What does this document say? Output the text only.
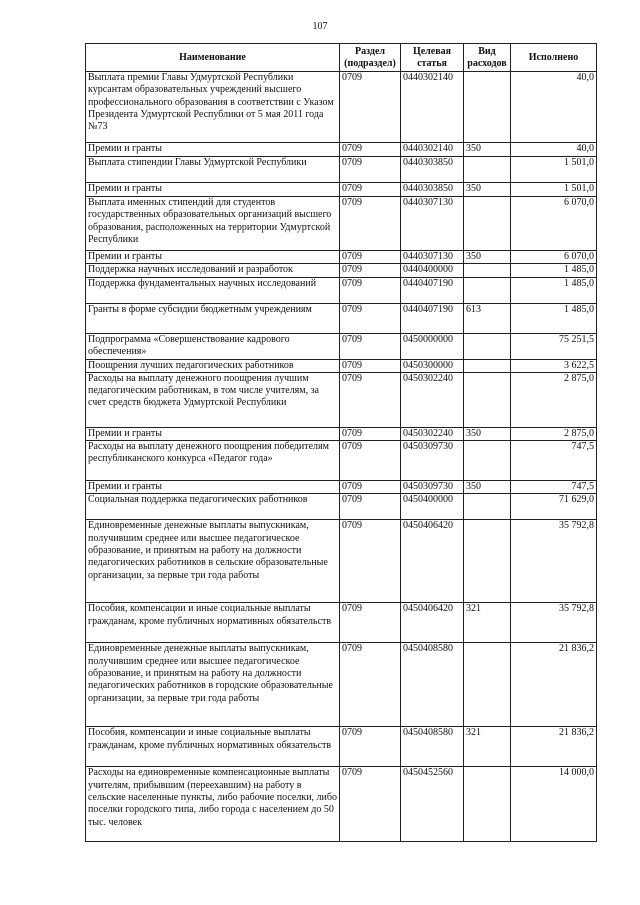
107
Наименование	Раздел (подраздел)	Целевая статья	Вид расходов	Исполнено
Выплата премии Главы Удмуртской Республики курсантам образовательных учреждений высшего профессионального образования в соответствии с Указом Президента Удмуртской Республики от 5 мая 2011 года №73	0709	0440302140		40,0
Премии и гранты	0709	0440302140	350	40,0
Выплата стипендии Главы Удмуртской Республики	0709	0440303850		1 501,0
Премии и гранты	0709	0440303850	350	1 501,0
Выплата именных стипендий для студентов государственных образовательных организаций высшего образования, расположенных на территории Удмуртской Республики	0709	0440307130		6 070,0
Премии и гранты	0709	0440307130	350	6 070,0
Поддержка научных исследований и разработок	0709	0440400000		1 485,0
Поддержка фундаментальных научных исследований	0709	0440407190		1 485,0
Гранты в форме субсидии бюджетным учреждениям	0709	0440407190	613	1 485,0
Подпрограмма «Совершенствование кадрового обеспечения»	0709	0450000000		75 251,5
Поощрения лучших педагогических работников	0709	0450300000		3 622,5
Расходы на выплату денежного поощрения лучшим педагогическим работникам, в том числе учителям, за счет средств бюджета Удмуртской Республики	0709	0450302240		2 875,0
Премии и гранты	0709	0450302240	350	2 875,0
Расходы на выплату денежного поощрения победителям республиканского конкурса «Педагог года»	0709	0450309730		747,5
Премии и гранты	0709	0450309730	350	747,5
Социальная поддержка педагогических работников	0709	0450400000		71 629,0
Единовременные денежные выплаты выпускникам, получившим среднее или высшее педагогическое образование, и принятым на работу на должности педагогических работников в сельские образовательные организации, за первые три года работы	0709	0450406420		35 792,8
Пособия, компенсации и иные социальные выплаты гражданам, кроме публичных нормативных обязательств	0709	0450406420	321	35 792,8
Единовременные денежные выплаты выпускникам, получившим среднее или высшее педагогическое образование, и принятым на работу на должности педагогических работников в городские образовательные организации, за первые три года работы	0709	0450408580		21 836,2
Пособия, компенсации и иные социальные выплаты гражданам, кроме публичных нормативных обязательств	0709	0450408580	321	21 836,2
Расходы на единовременные компенсационные выплаты учителям, прибывшим (переехавшим) на работу в сельские населенные пункты, либо рабочие поселки, либо поселки городского типа, либо города с населением до 50 тыс. человек	0709	0450452560		14 000,0
